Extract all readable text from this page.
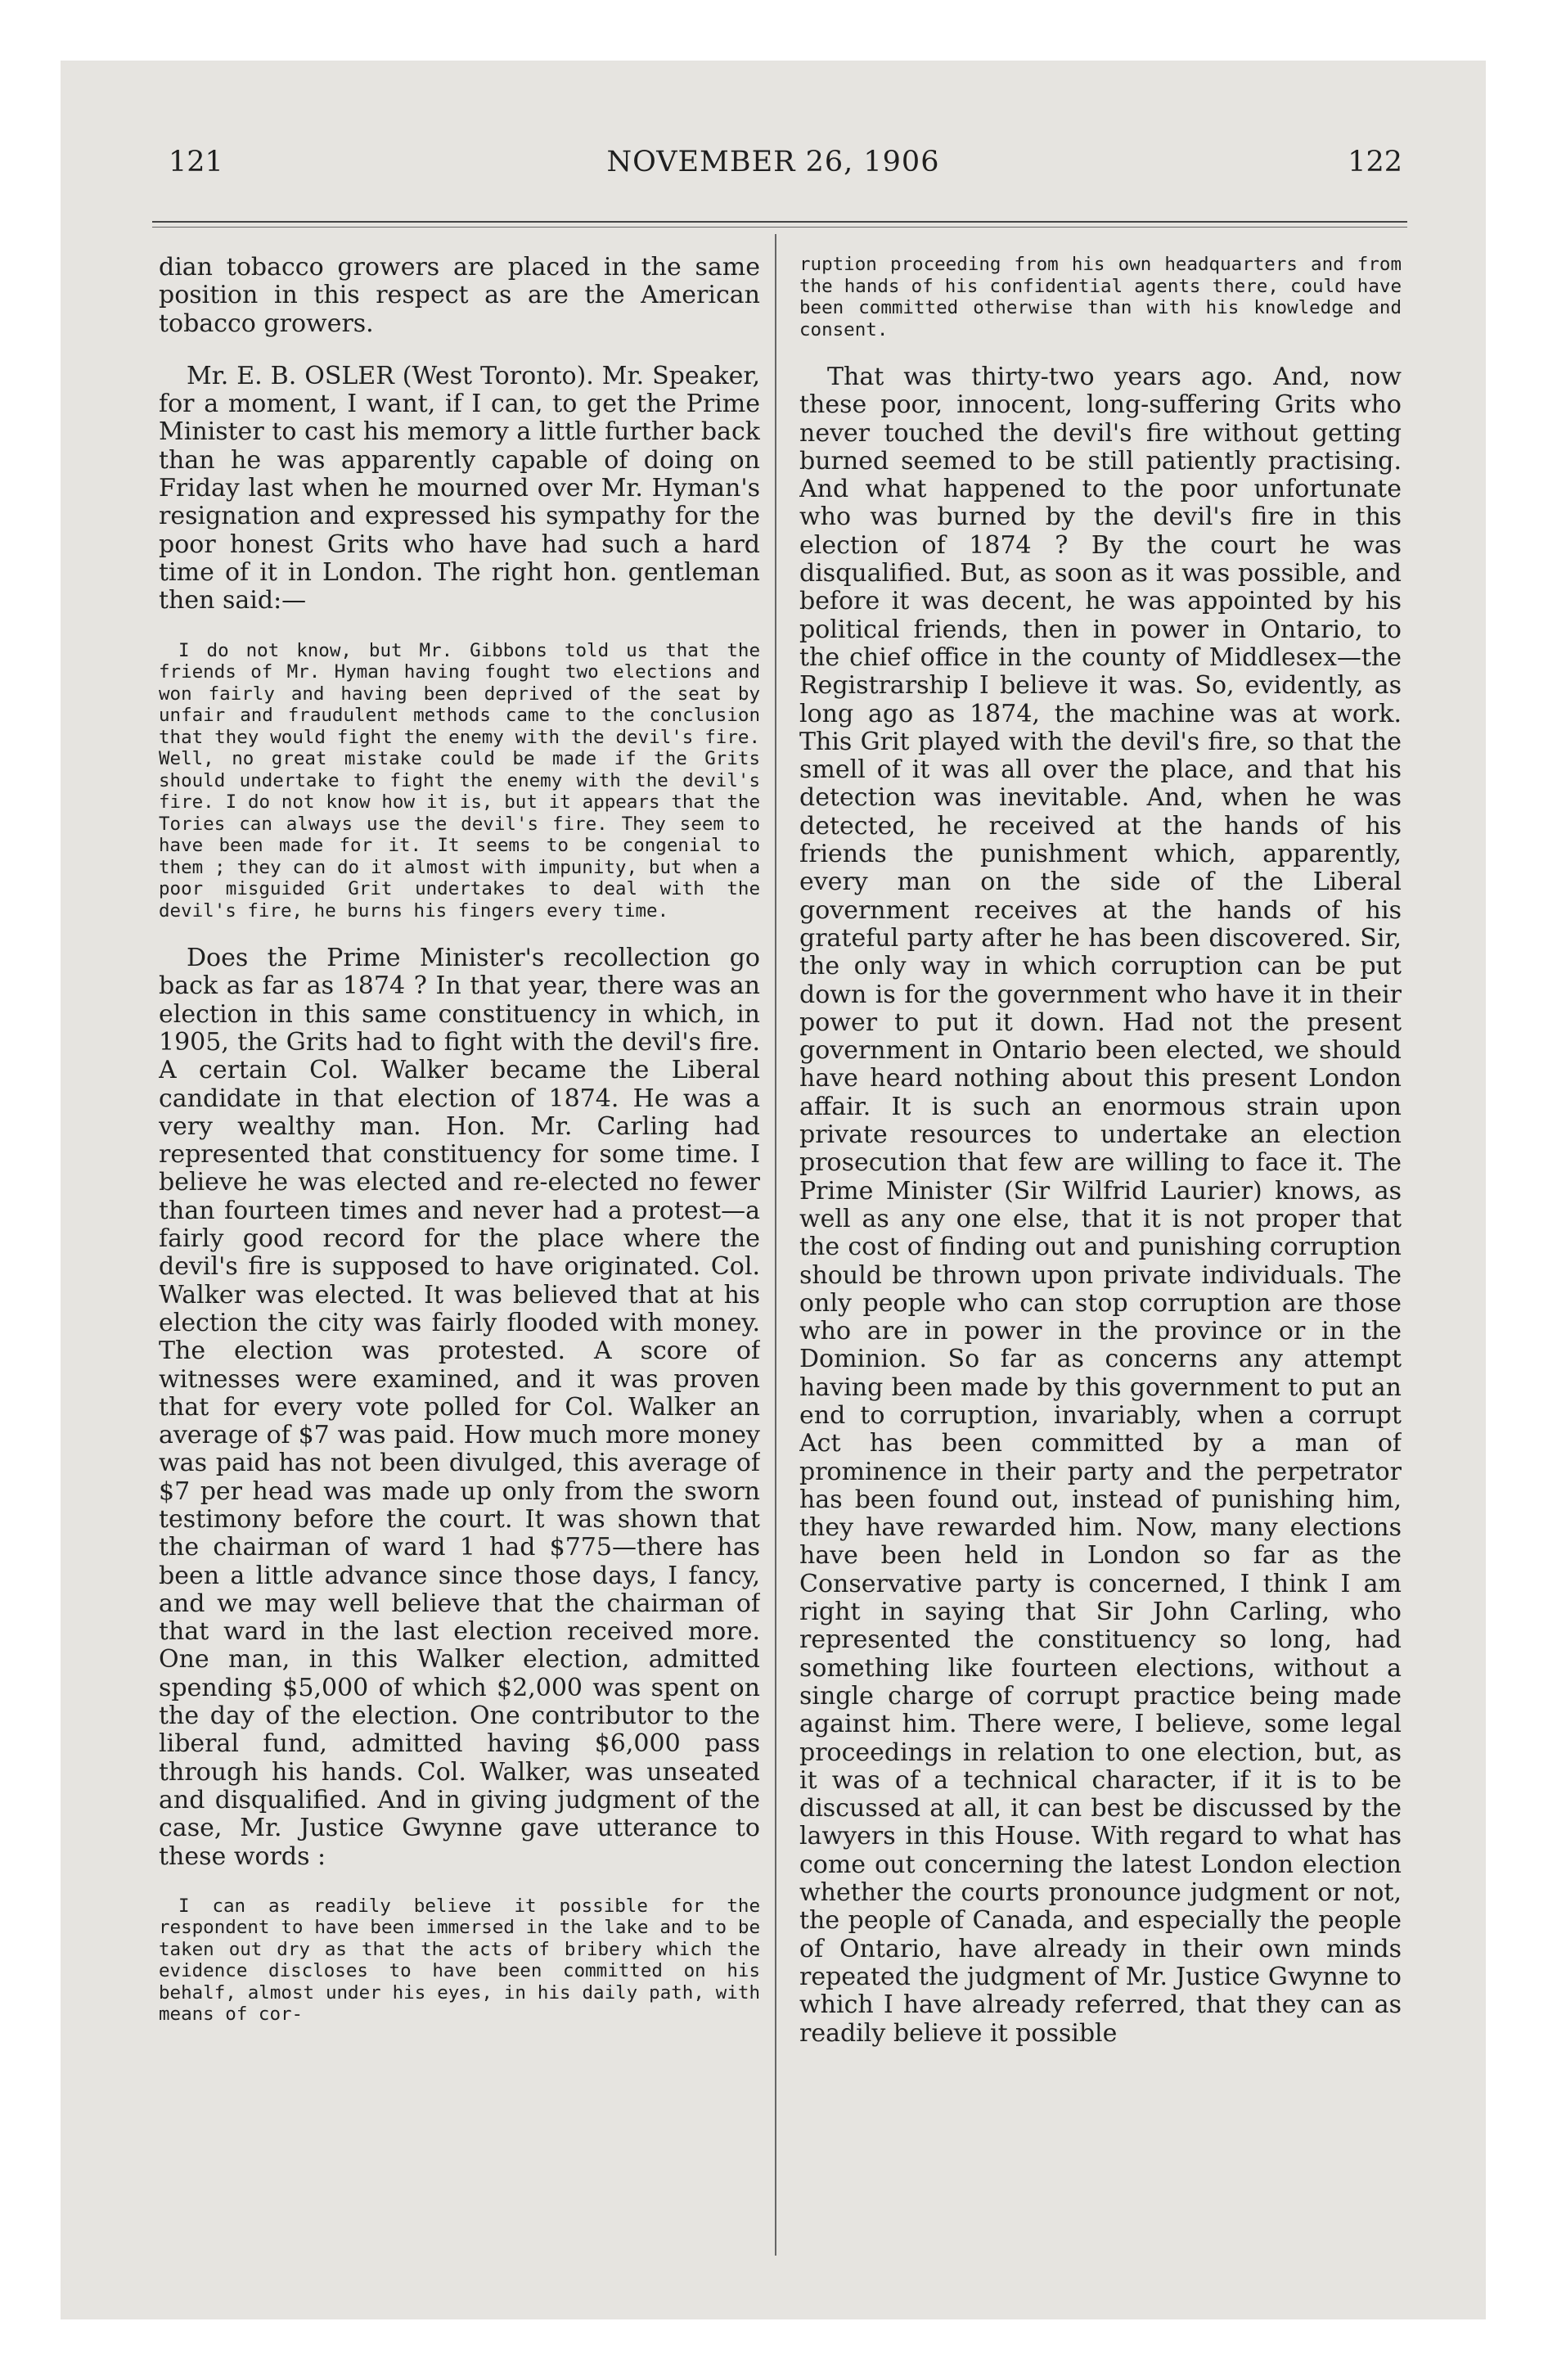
121	NOVEMBER 26, 1906	122

dian tobacco growers are placed in the same position in this respect as are the American tobacco growers.

Mr. E. B. OSLER (West Toronto). Mr. Speaker, for a moment, I want, if I can, to get the Prime Minister to cast his memory a little further back than he was apparently capable of doing on Friday last when he mourned over Mr. Hyman's resignation and expressed his sympathy for the poor honest Grits who have had such a hard time of it in London. The right hon. gentleman then said:—

I do not know, but Mr. Gibbons told us that the friends of Mr. Hyman having fought two elections and won fairly and having been deprived of the seat by unfair and fraudulent methods came to the conclusion that they would fight the enemy with the devil's fire. Well, no great mistake could be made if the Grits should undertake to fight the enemy with the devil's fire. I do not know how it is, but it appears that the Tories can always use the devil's fire. They seem to have been made for it. It seems to be congenial to them ; they can do it almost with impunity, but when a poor misguided Grit undertakes to deal with the devil's fire, he burns his fingers every time.

Does the Prime Minister's recollection go back as far as 1874 ? In that year, there was an election in this same constituency in which, in 1905, the Grits had to fight with the devil's fire. A certain Col. Walker became the Liberal candidate in that election of 1874. He was a very wealthy man. Hon. Mr. Carling had represented that constituency for some time. I believe he was elected and re-elected no fewer than fourteen times and never had a protest—a fairly good record for the place where the devil's fire is supposed to have originated. Col. Walker was elected. It was believed that at his election the city was fairly flooded with money. The election was protested. A score of witnesses were examined, and it was proven that for every vote polled for Col. Walker an average of $7 was paid. How much more money was paid has not been divulged, this average of $7 per head was made up only from the sworn testimony before the court. It was shown that the chairman of ward 1 had $775—there has been a little advance since those days, I fancy, and we may well believe that the chairman of that ward in the last election received more. One man, in this Walker election, admitted spending $5,000 of which $2,000 was spent on the day of the election. One contributor to the liberal fund, admitted having $6,000 pass through his hands. Col. Walker, was unseated and disqualified. And in giving judgment of the case, Mr. Justice Gwynne gave utterance to these words :

I can as readily believe it possible for the respondent to have been immersed in the lake and to be taken out dry as that the acts of bribery which the evidence discloses to have been committed on his behalf, almost under his eyes, in his daily path, with means of cor-

ruption proceeding from his own headquarters and from the hands of his confidential agents there, could have been committed otherwise than with his knowledge and consent.

That was thirty-two years ago. And, now these poor, innocent, long-suffering Grits who never touched the devil's fire without getting burned seemed to be still patiently practising. And what happened to the poor unfortunate who was burned by the devil's fire in this election of 1874 ? By the court he was disqualified. But, as soon as it was possible, and before it was decent, he was appointed by his political friends, then in power in Ontario, to the chief office in the county of Middlesex—the Registrarship I believe it was. So, evidently, as long ago as 1874, the machine was at work. This Grit played with the devil's fire, so that the smell of it was all over the place, and that his detection was inevitable. And, when he was detected, he received at the hands of his friends the punishment which, apparently, every man on the side of the Liberal government receives at the hands of his grateful party after he has been discovered. Sir, the only way in which corruption can be put down is for the government who have it in their power to put it down. Had not the present government in Ontario been elected, we should have heard nothing about this present London affair. It is such an enormous strain upon private resources to undertake an election prosecution that few are willing to face it. The Prime Minister (Sir Wilfrid Laurier) knows, as well as any one else, that it is not proper that the cost of finding out and punishing corruption should be thrown upon private individuals. The only people who can stop corruption are those who are in power in the province or in the Dominion. So far as concerns any attempt having been made by this government to put an end to corruption, invariably, when a corrupt Act has been committed by a man of prominence in their party and the perpetrator has been found out, instead of punishing him, they have rewarded him. Now, many elections have been held in London so far as the Conservative party is concerned, I think I am right in saying that Sir John Carling, who represented the constituency so long, had something like fourteen elections, without a single charge of corrupt practice being made against him. There were, I believe, some legal proceedings in relation to one election, but, as it was of a technical character, if it is to be discussed at all, it can best be discussed by the lawyers in this House. With regard to what has come out concerning the latest London election whether the courts pronounce judgment or not, the people of Canada, and especially the people of Ontario, have already in their own minds repeated the judgment of Mr. Justice Gwynne to which I have already referred, that they can as readily believe it possible
